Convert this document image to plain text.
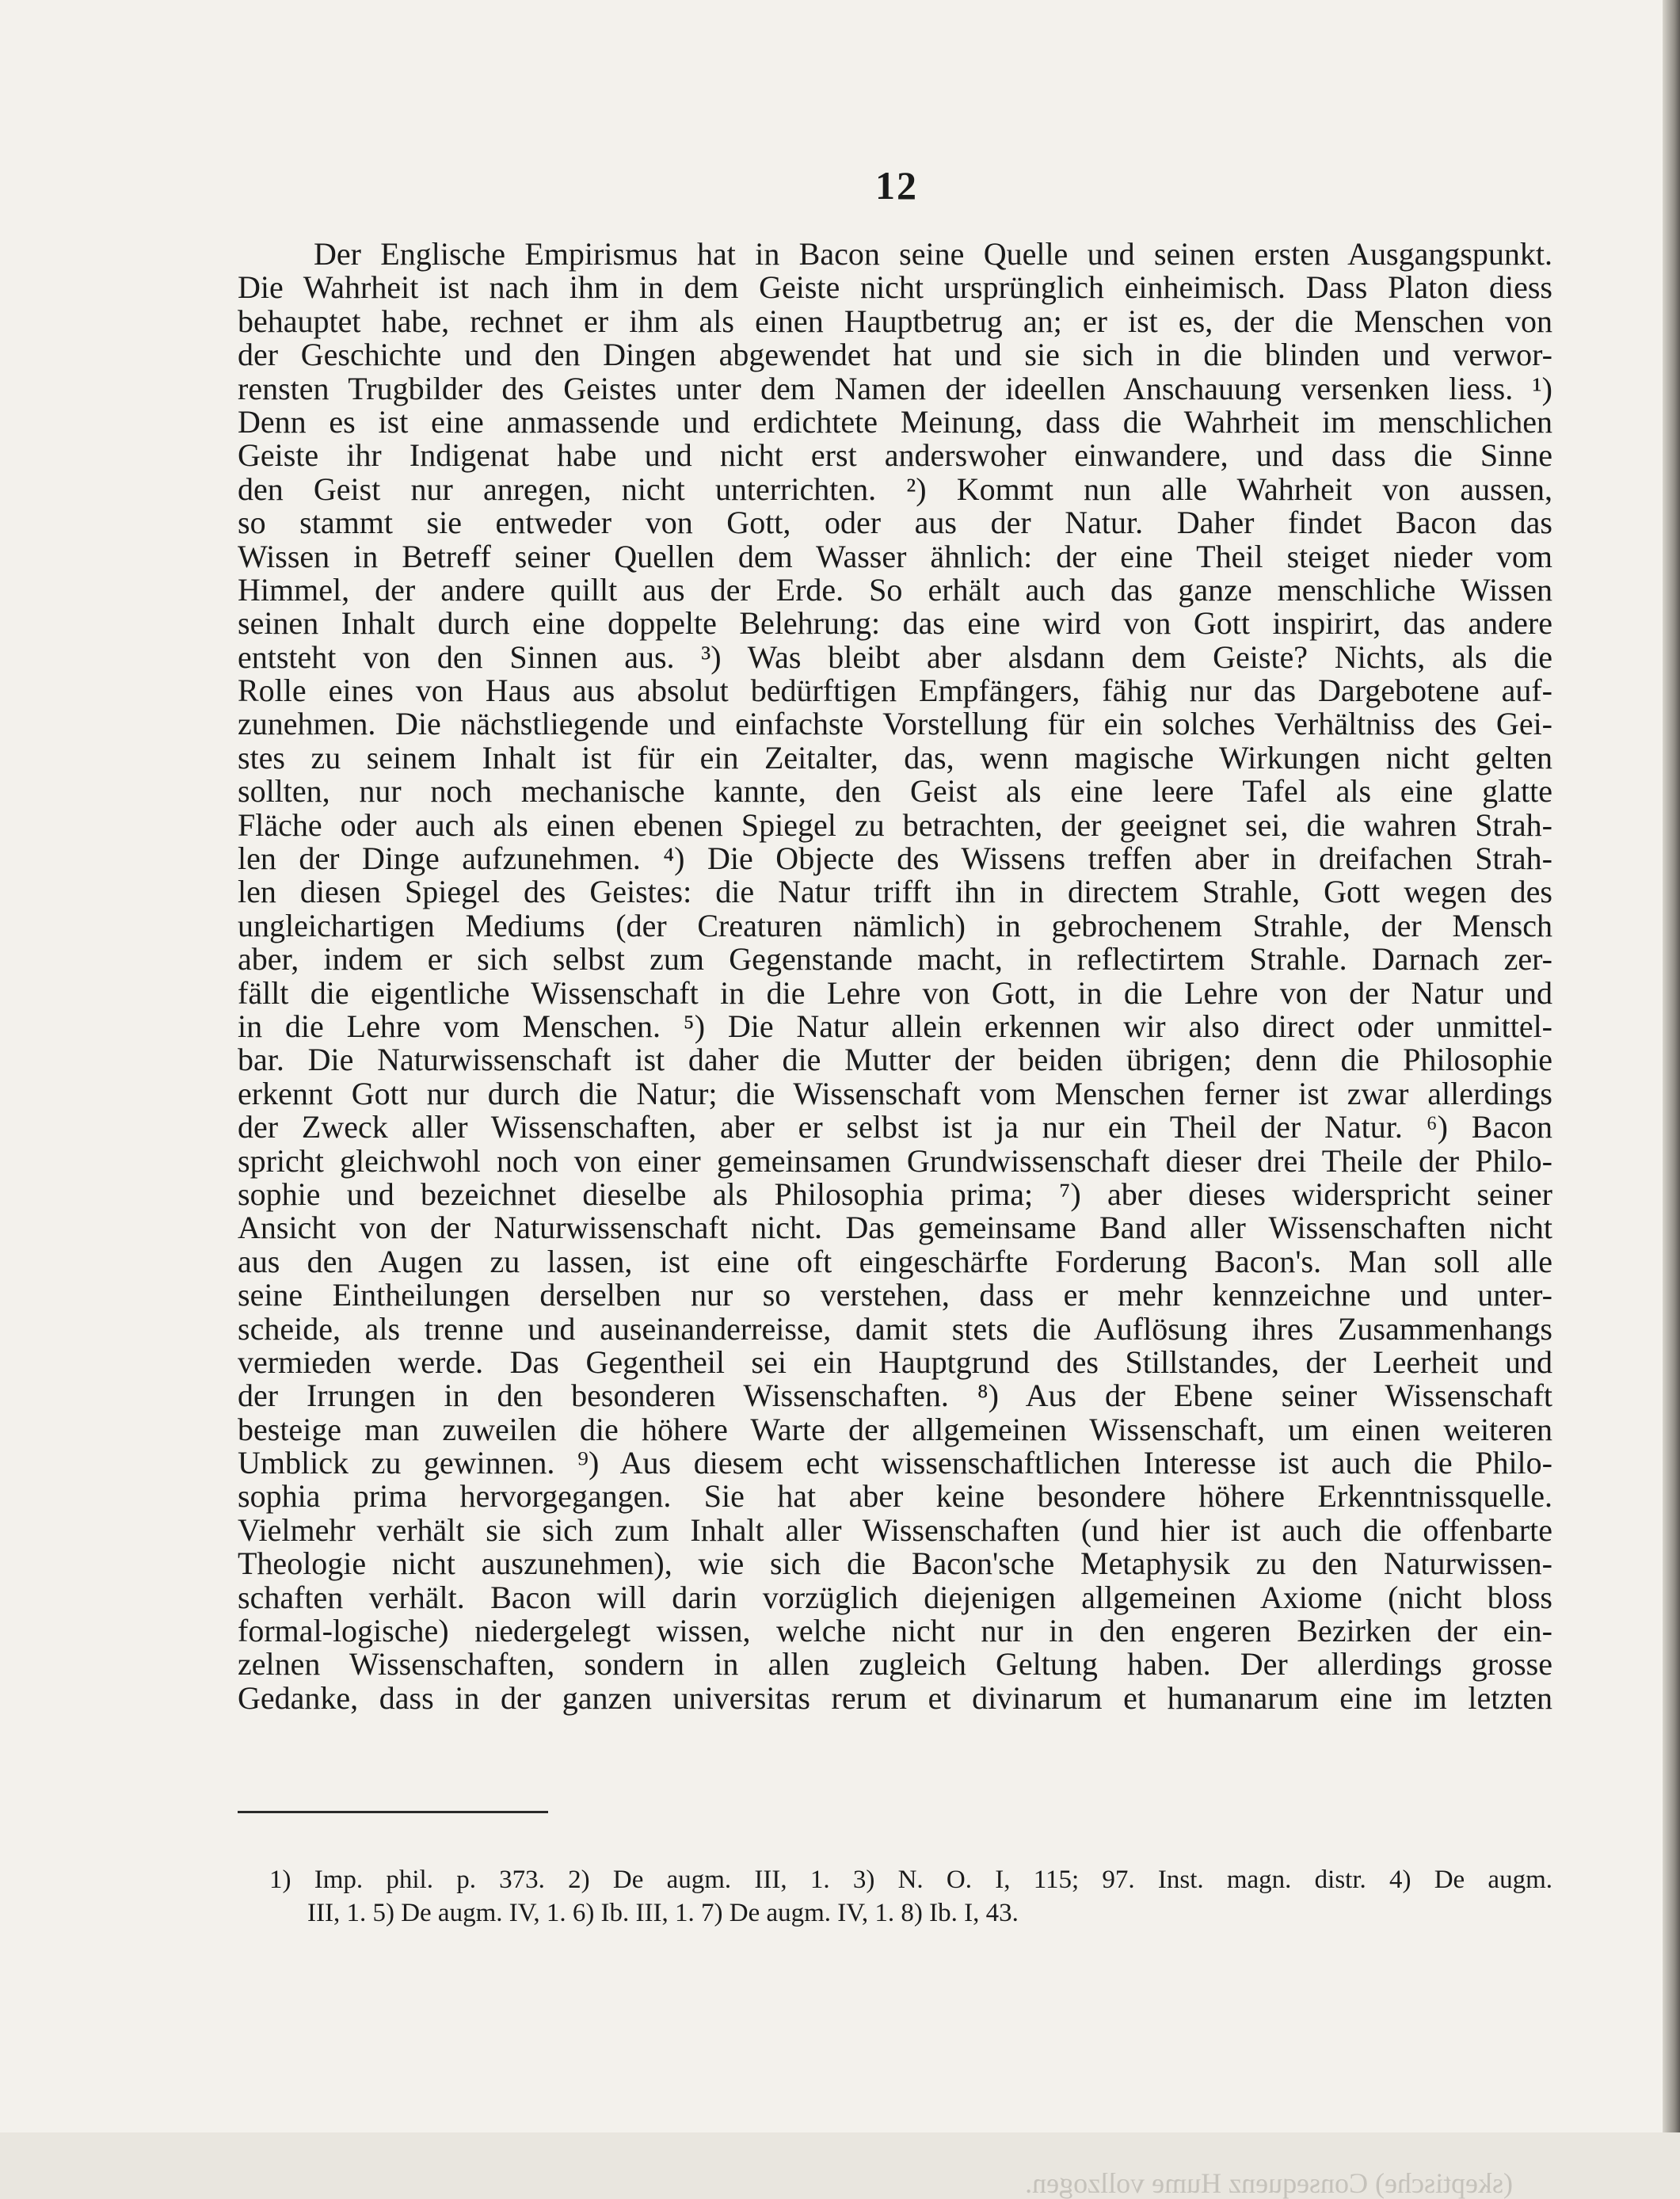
12
Der Englische Empirismus hat in Bacon seine Quelle und seinen ersten Ausgangspunkt.
Die Wahrheit ist nach ihm in dem Geiste nicht ursprünglich einheimisch. Dass Platon diess
behauptet habe, rechnet er ihm als einen Hauptbetrug an; er ist es, der die Menschen von
der Geschichte und den Dingen abgewendet hat und sie sich in die blinden und verwor-
rensten Trugbilder des Geistes unter dem Namen der ideellen Anschauung versenken liess. ¹)
Denn es ist eine anmassende und erdichtete Meinung, dass die Wahrheit im menschlichen
Geiste ihr Indigenat habe und nicht erst anderswoher einwandere, und dass die Sinne
den Geist nur anregen, nicht unterrichten. ²) Kommt nun alle Wahrheit von aussen,
so stammt sie entweder von Gott, oder aus der Natur. Daher findet Bacon das
Wissen in Betreff seiner Quellen dem Wasser ähnlich: der eine Theil steiget nieder vom
Himmel, der andere quillt aus der Erde. So erhält auch das ganze menschliche Wissen
seinen Inhalt durch eine doppelte Belehrung: das eine wird von Gott inspirirt, das andere
entsteht von den Sinnen aus. ³) Was bleibt aber alsdann dem Geiste? Nichts, als die
Rolle eines von Haus aus absolut bedürftigen Empfängers, fähig nur das Dargebotene auf-
zunehmen. Die nächstliegende und einfachste Vorstellung für ein solches Verhältniss des Gei-
stes zu seinem Inhalt ist für ein Zeitalter, das, wenn magische Wirkungen nicht gelten
sollten, nur noch mechanische kannte, den Geist als eine leere Tafel als eine glatte
Fläche oder auch als einen ebenen Spiegel zu betrachten, der geeignet sei, die wahren Strah-
len der Dinge aufzunehmen. ⁴) Die Objecte des Wissens treffen aber in dreifachen Strah-
len diesen Spiegel des Geistes: die Natur trifft ihn in directem Strahle, Gott wegen des
ungleichartigen Mediums (der Creaturen nämlich) in gebrochenem Strahle, der Mensch
aber, indem er sich selbst zum Gegenstande macht, in reflectirtem Strahle. Darnach zer-
fällt die eigentliche Wissenschaft in die Lehre von Gott, in die Lehre von der Natur und
in die Lehre vom Menschen. ⁵) Die Natur allein erkennen wir also direct oder unmittel-
bar. Die Naturwissenschaft ist daher die Mutter der beiden übrigen; denn die Philosophie
erkennt Gott nur durch die Natur; die Wissenschaft vom Menschen ferner ist zwar allerdings
der Zweck aller Wissenschaften, aber er selbst ist ja nur ein Theil der Natur. ⁶) Bacon
spricht gleichwohl noch von einer gemeinsamen Grundwissenschaft dieser drei Theile der Philo-
sophie und bezeichnet dieselbe als Philosophia prima; ⁷) aber dieses widerspricht seiner
Ansicht von der Naturwissenschaft nicht. Das gemeinsame Band aller Wissenschaften nicht
aus den Augen zu lassen, ist eine oft eingeschärfte Forderung Bacon's. Man soll alle
seine Eintheilungen derselben nur so verstehen, dass er mehr kennzeichne und unter-
scheide, als trenne und auseinanderreisse, damit stets die Auflösung ihres Zusammenhangs
vermieden werde. Das Gegentheil sei ein Hauptgrund des Stillstandes, der Leerheit und
der Irrungen in den besonderen Wissenschaften. ⁸) Aus der Ebene seiner Wissenschaft
besteige man zuweilen die höhere Warte der allgemeinen Wissenschaft, um einen weiteren
Umblick zu gewinnen. ⁹) Aus diesem echt wissenschaftlichen Interesse ist auch die Philo-
sophia prima hervorgegangen. Sie hat aber keine besondere höhere Erkenntnissquelle.
Vielmehr verhält sie sich zum Inhalt aller Wissenschaften (und hier ist auch die offenbarte
Theologie nicht auszunehmen), wie sich die Bacon'sche Metaphysik zu den Naturwissen-
schaften verhält. Bacon will darin vorzüglich diejenigen allgemeinen Axiome (nicht bloss
formal-logische) niedergelegt wissen, welche nicht nur in den engeren Bezirken der ein-
zelnen Wissenschaften, sondern in allen zugleich Geltung haben. Der allerdings grosse
Gedanke, dass in der ganzen universitas rerum et divinarum et humanarum eine im letzten
(skeptische) Consequenz Hume vollzogen.
1) Imp. phil. p. 373. 2) De augm. III, 1. 3) N. O. I, 115; 97. Inst. magn. distr. 4) De augm.
III, 1. 5) De augm. IV, 1. 6) Ib. III, 1. 7) De augm. IV, 1. 8) Ib. I, 43.
